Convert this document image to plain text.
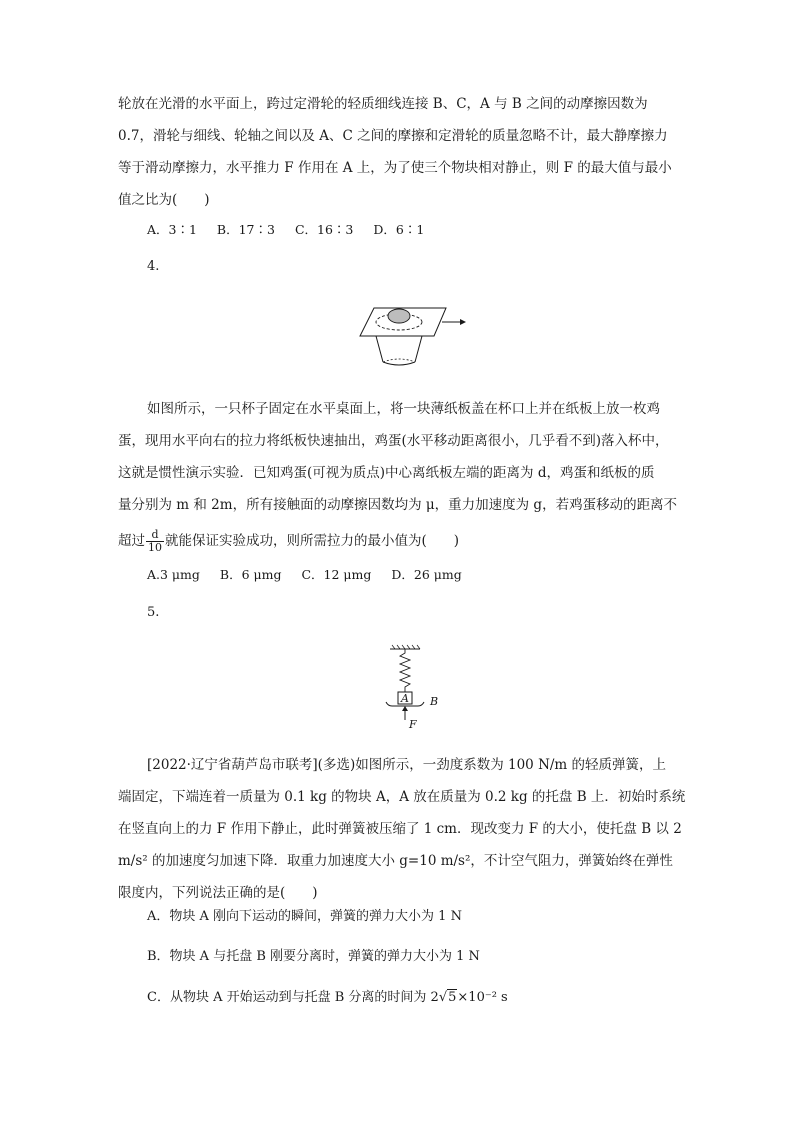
轮放在光滑的水平面上，跨过定滑轮的轻质细线连接 B、C，A 与 B 之间的动摩擦因数为
0.7，滑轮与细线、轮轴之间以及 A、C 之间的摩擦和定滑轮的质量忽略不计，最大静摩擦力
等于滑动摩擦力，水平推力 F 作用在 A 上，为了使三个物块相对静止，则 F 的最大值与最小
值之比为(　　)
A．3∶1 B．17∶3 C．16∶3 D．6∶1
4.
如图所示，一只杯子固定在水平桌面上，将一块薄纸板盖在杯口上并在纸板上放一枚鸡
蛋，现用水平向右的拉力将纸板快速抽出，鸡蛋(水平移动距离很小，几乎看不到)落入杯中，
这就是惯性演示实验．已知鸡蛋(可视为质点)中心离纸板左端的距离为 d，鸡蛋和纸板的质
量分别为 m 和 2m，所有接触面的动摩擦因数均为 μ，重力加速度为 g，若鸡蛋移动的距离不
超过 $\frac{d}{10}$ 就能保证实验成功，则所需拉力的最小值为(　　)
A.3 μmg B．6 μmg C．12 μmg D．26 μmg
5.
A B
F
[2022·辽宁省葫芦岛市联考](多选)如图所示，一劲度系数为 100 N/m 的轻质弹簧，上
端固定，下端连着一质量为 0.1 kg 的物块 A，A 放在质量为 0.2 kg 的托盘 B 上．初始时系统
在竖直向上的力 F 作用下静止，此时弹簧被压缩了 1 cm．现改变力 F 的大小，使托盘 B 以 2
m/s² 的加速度匀加速下降．取重力加速度大小 g=10 m/s²，不计空气阻力，弹簧始终在弹性
限度内，下列说法正确的是(　　)
A．物块 A 刚向下运动的瞬间，弹簧的弹力大小为 1 N
B．物块 A 与托盘 B 刚要分离时，弹簧的弹力大小为 1 N
C．从物块 A 开始运动到与托盘 B 分离的时间为 2√5×10⁻² s
